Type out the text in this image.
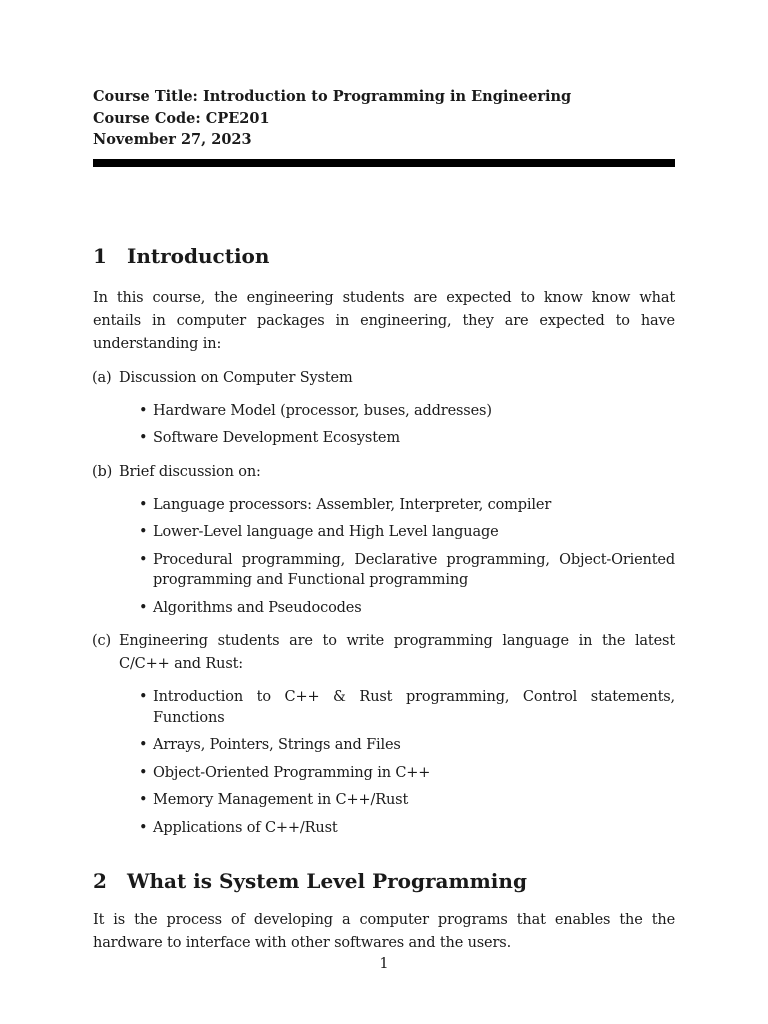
Course Title: Introduction to Programming in Engineering

Course Code: CPE201

November 27, 2023

1 Introduction

In this course, the engineering students are expected to know know what entails in computer packages in engineering, they are expected to have understanding in:

(a) Discussion on Computer System
• Hardware Model (processor, buses, addresses)
• Software Development Ecosystem
(b) Brief discussion on:
• Language processors: Assembler, Interpreter, compiler
• Lower-Level language and High Level language
• Procedural programming, Declarative programming, Object-Oriented programming and Functional programming
• Algorithms and Pseudocodes
(c) Engineering students are to write programming language in the latest C/C++ and Rust:
• Introduction to C++ & Rust programming, Control statements, Functions
• Arrays, Pointers, Strings and Files
• Object-Oriented Programming in C++
• Memory Management in C++/Rust
• Applications of C++/Rust
2 What is System Level Programming

It is the process of developing a computer programs that enables the the hardware to interface with other softwares and the users.

1
